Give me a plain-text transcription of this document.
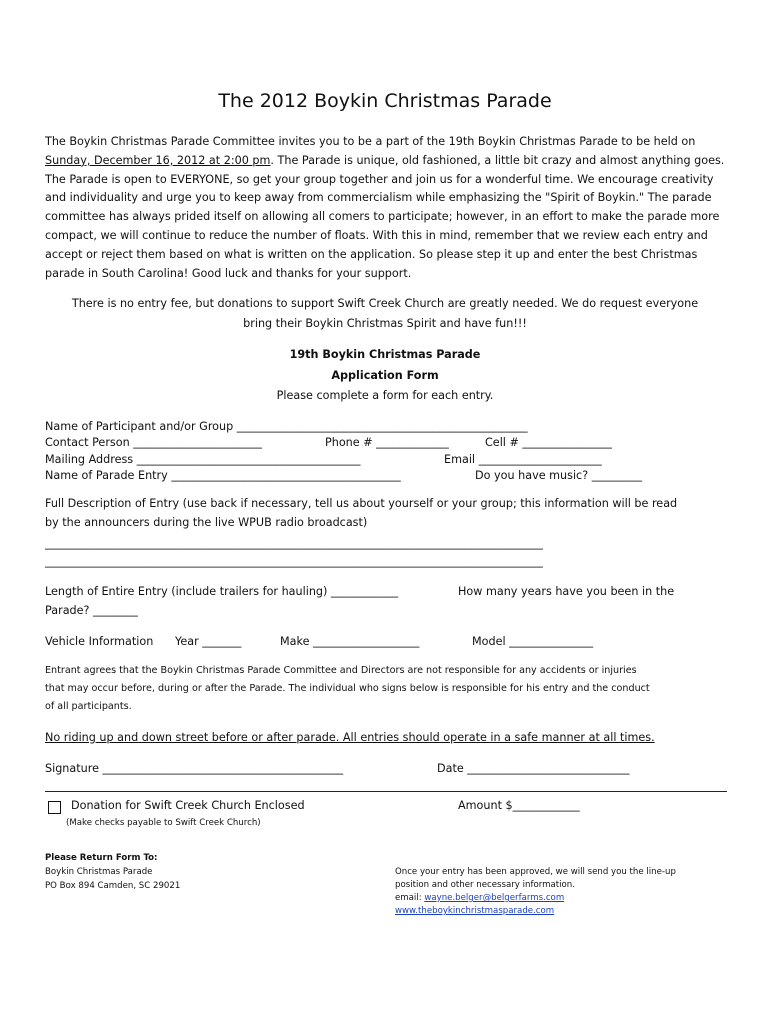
The 2012 Boykin Christmas Parade

The Boykin Christmas Parade Committee invites you to be a part of the 19th Boykin Christmas Parade to be held on Sunday, December 16, 2012 at 2:00 pm. The Parade is unique, old fashioned, a little bit crazy and almost anything goes. The Parade is open to EVERYONE, so get your group together and join us for a wonderful time. We encourage creativity and individuality and urge you to keep away from commercialism while emphasizing the "Spirit of Boykin." The parade committee has always prided itself on allowing all comers to participate; however, in an effort to make the parade more compact, we will continue to reduce the number of floats. With this in mind, remember that we review each entry and accept or reject them based on what is written on the application. So please step it up and enter the best Christmas parade in South Carolina! Good luck and thanks for your support.

There is no entry fee, but donations to support Swift Creek Church are greatly needed. We do request everyone
bring their Boykin Christmas Spirit and have fun!!!
19th Boykin Christmas Parade
Application Form
Please complete a form for each entry.
Name of Participant and/or Group ____________________________________________________
Contact Person _______________________	Phone # _____________	Cell # ________________
Mailing Address ________________________________________	Email ______________________
Name of Parade Entry _________________________________________	Do you have music? _________
Full Description of Entry (use back if necessary, tell us about yourself or your group; this information will be read
by the announcers during the live WPUB radio broadcast)
_________________________________________________________________________________________
_________________________________________________________________________________________
Length of Entire Entry (include trailers for hauling) ____________	How many years have you been in the
Parade? ________
Vehicle Information Year _______	Make ___________________	Model _______________
Entrant agrees that the Boykin Christmas Parade Committee and Directors are not responsible for any accidents or injuries
that may occur before, during or after the Parade. The individual who signs below is responsible for his entry and the conduct
of all participants.
No riding up and down street before or after parade. All entries should operate in a safe manner at all times.
Signature ___________________________________________	Date _____________________________
Donation for Swift Creek Church Enclosed	Amount $____________
(Make checks payable to Swift Creek Church)
Please Return Form To:
Boykin Christmas Parade
PO Box 894 Camden, SC 29021
Once your entry has been approved, we will send you the line-up
position and other necessary information.
email: wayne.belger@belgerfarms.com
www.theboykinchristmasparade.com
